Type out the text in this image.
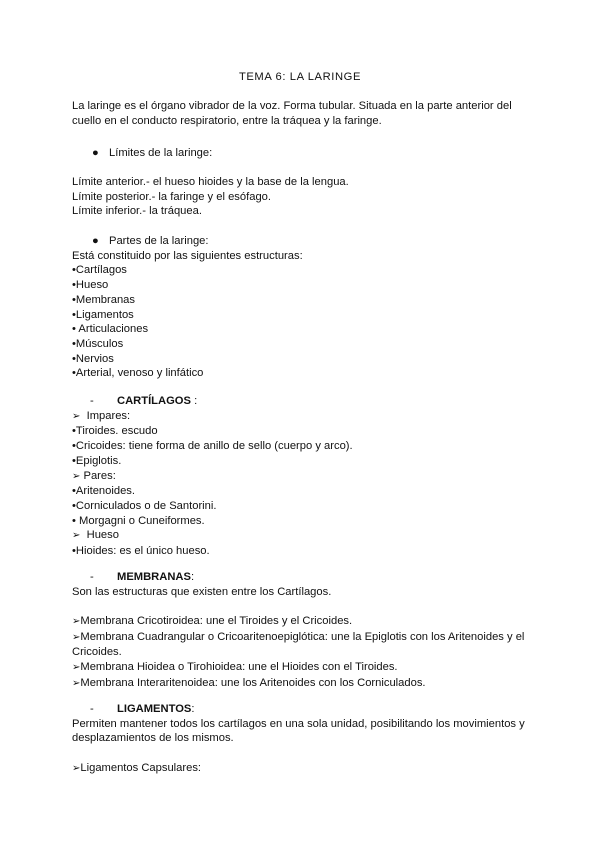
TEMA 6: LA LARINGE
La laringe es el órgano vibrador de la voz. Forma tubular. Situada en la parte anterior del
cuello en el conducto respiratorio, entre la tráquea y la faringe.
● Límites de la laringe:
Límite anterior.- el hueso hioides y la base de la lengua.
Límite posterior.- la faringe y el esófago.
Límite inferior.- la tráquea.
● Partes de la laringe:
Está constituido por las siguientes estructuras:
•Cartílagos
•Hueso
•Membranas
•Ligamentos
• Articulaciones
•Músculos
•Nervios
•Arterial, venoso y linfático
- CARTÍLAGOS :
➢ Impares:
•Tiroides. escudo
•Cricoides: tiene forma de anillo de sello (cuerpo y arco).
•Epiglotis.
➢ Pares:
•Aritenoides.
•Corniculados o de Santorini.
• Morgagni o Cuneiformes.
➢ Hueso
•Hioides: es el único hueso.
- MEMBRANAS:
Son las estructuras que existen entre los Cartílagos.
➢Membrana Cricotiroidea: une el Tiroides y el Cricoides.
➢Membrana Cuadrangular o Cricoaritenoepiglótica: une la Epiglotis con los Aritenoides y el
Cricoides.
➢Membrana Hioidea o Tirohioidea: une el Hioides con el Tiroides.
➢Membrana Interaritenoidea: une los Aritenoides con los Corniculados.
- LIGAMENTOS:
Permiten mantener todos los cartílagos en una sola unidad, posibilitando los movimientos y
desplazamientos de los mismos.
➢Ligamentos Capsulares:
